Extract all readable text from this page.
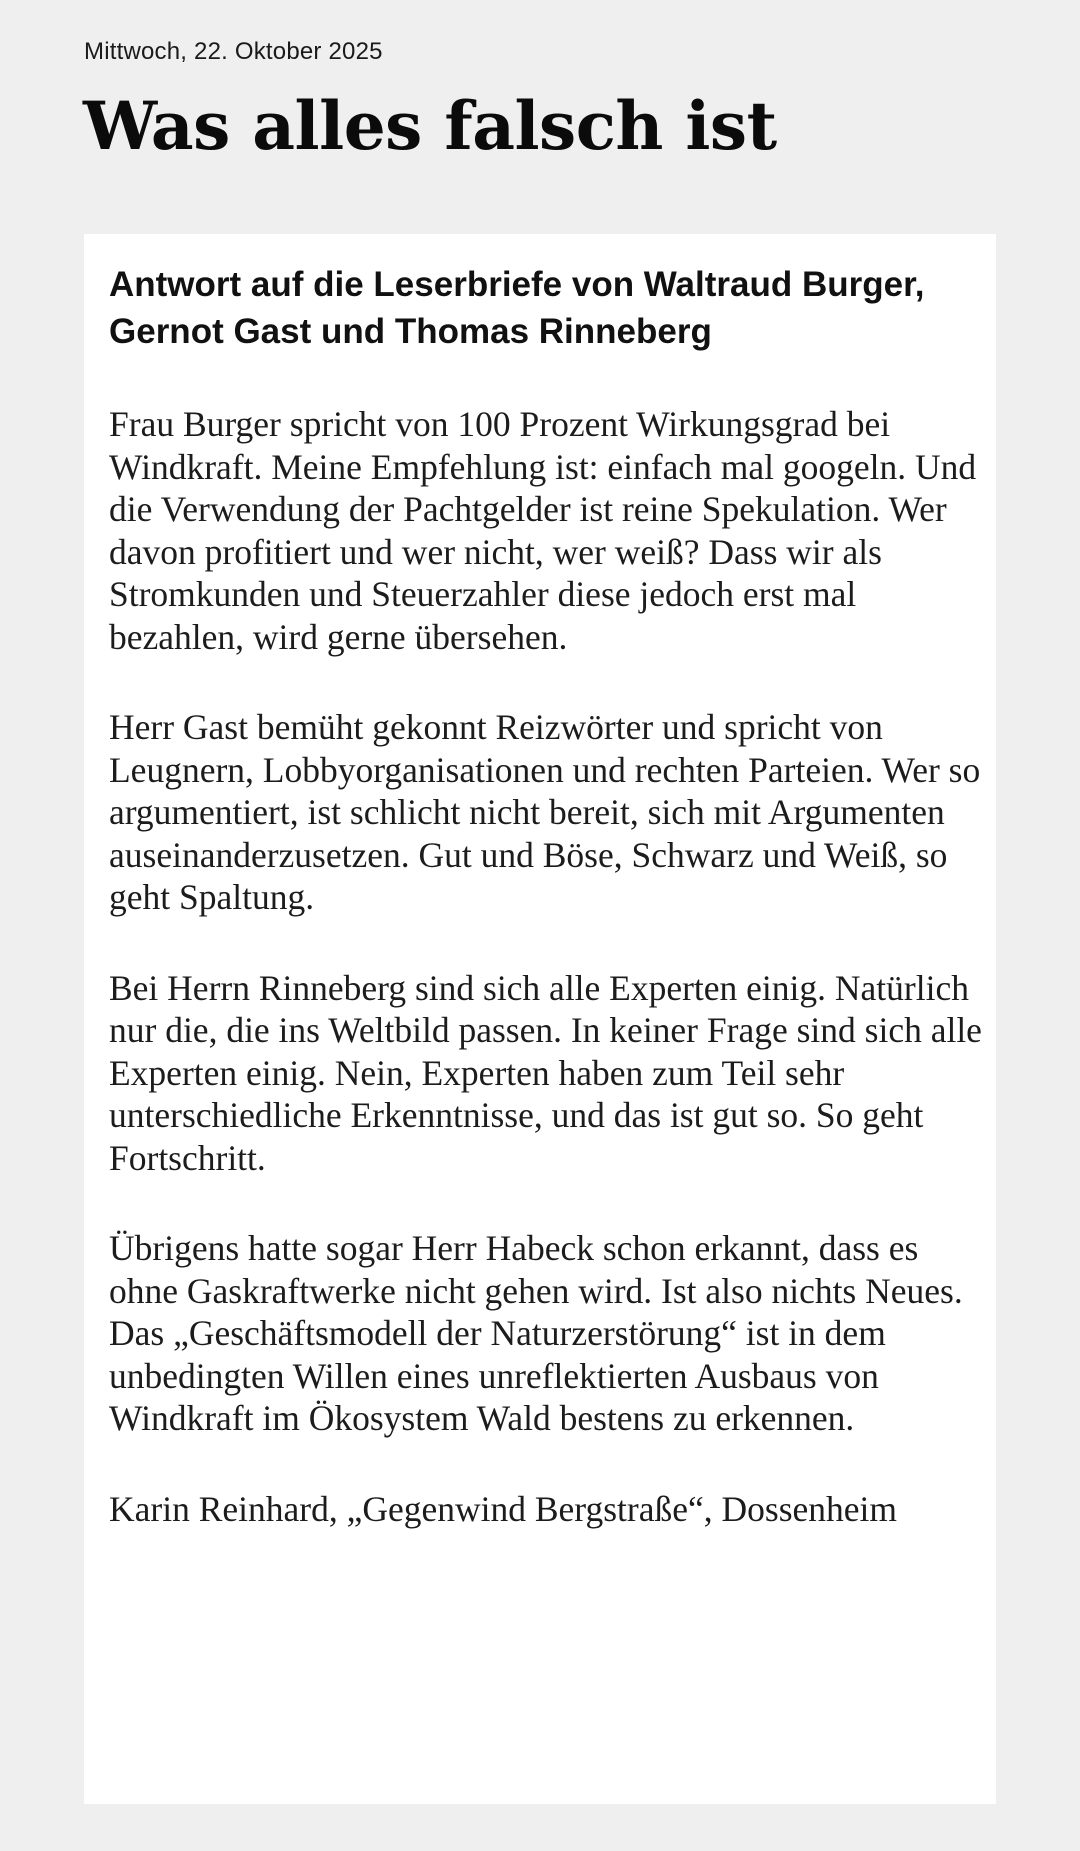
Mittwoch, 22. Oktober 2025
Was alles falsch ist
Antwort auf die Leserbriefe von Waltraud Burger, Gernot Gast und Thomas Rinneberg

Frau Burger spricht von 100 Prozent Wirkungsgrad bei Windkraft. Meine Empfehlung ist: einfach mal googeln. Und die Verwendung der Pachtgelder ist reine Spekulation. Wer davon profitiert und wer nicht, wer weiß? Dass wir als Stromkunden und Steuerzahler diese jedoch erst mal bezahlen, wird gerne übersehen.

Herr Gast bemüht gekonnt Reizwörter und spricht von Leugnern, Lobbyorganisationen und rechten Parteien. Wer so argumentiert, ist schlicht nicht bereit, sich mit Argumenten auseinanderzusetzen. Gut und Böse, Schwarz und Weiß, so geht Spaltung.

Bei Herrn Rinneberg sind sich alle Experten einig. Natürlich nur die, die ins Weltbild passen. In keiner Frage sind sich alle Experten einig. Nein, Experten haben zum Teil sehr unterschiedliche Erkenntnisse, und das ist gut so. So geht Fortschritt.

Übrigens hatte sogar Herr Habeck schon erkannt, dass es ohne Gaskraftwerke nicht gehen wird. Ist also nichts Neues. Das „Geschäftsmodell der Naturzerstörung“ ist in dem unbedingten Willen eines unreflektierten Ausbaus von Windkraft im Ökosystem Wald bestens zu erkennen.

Karin Reinhard, „Gegenwind Bergstraße“, Dossenheim
